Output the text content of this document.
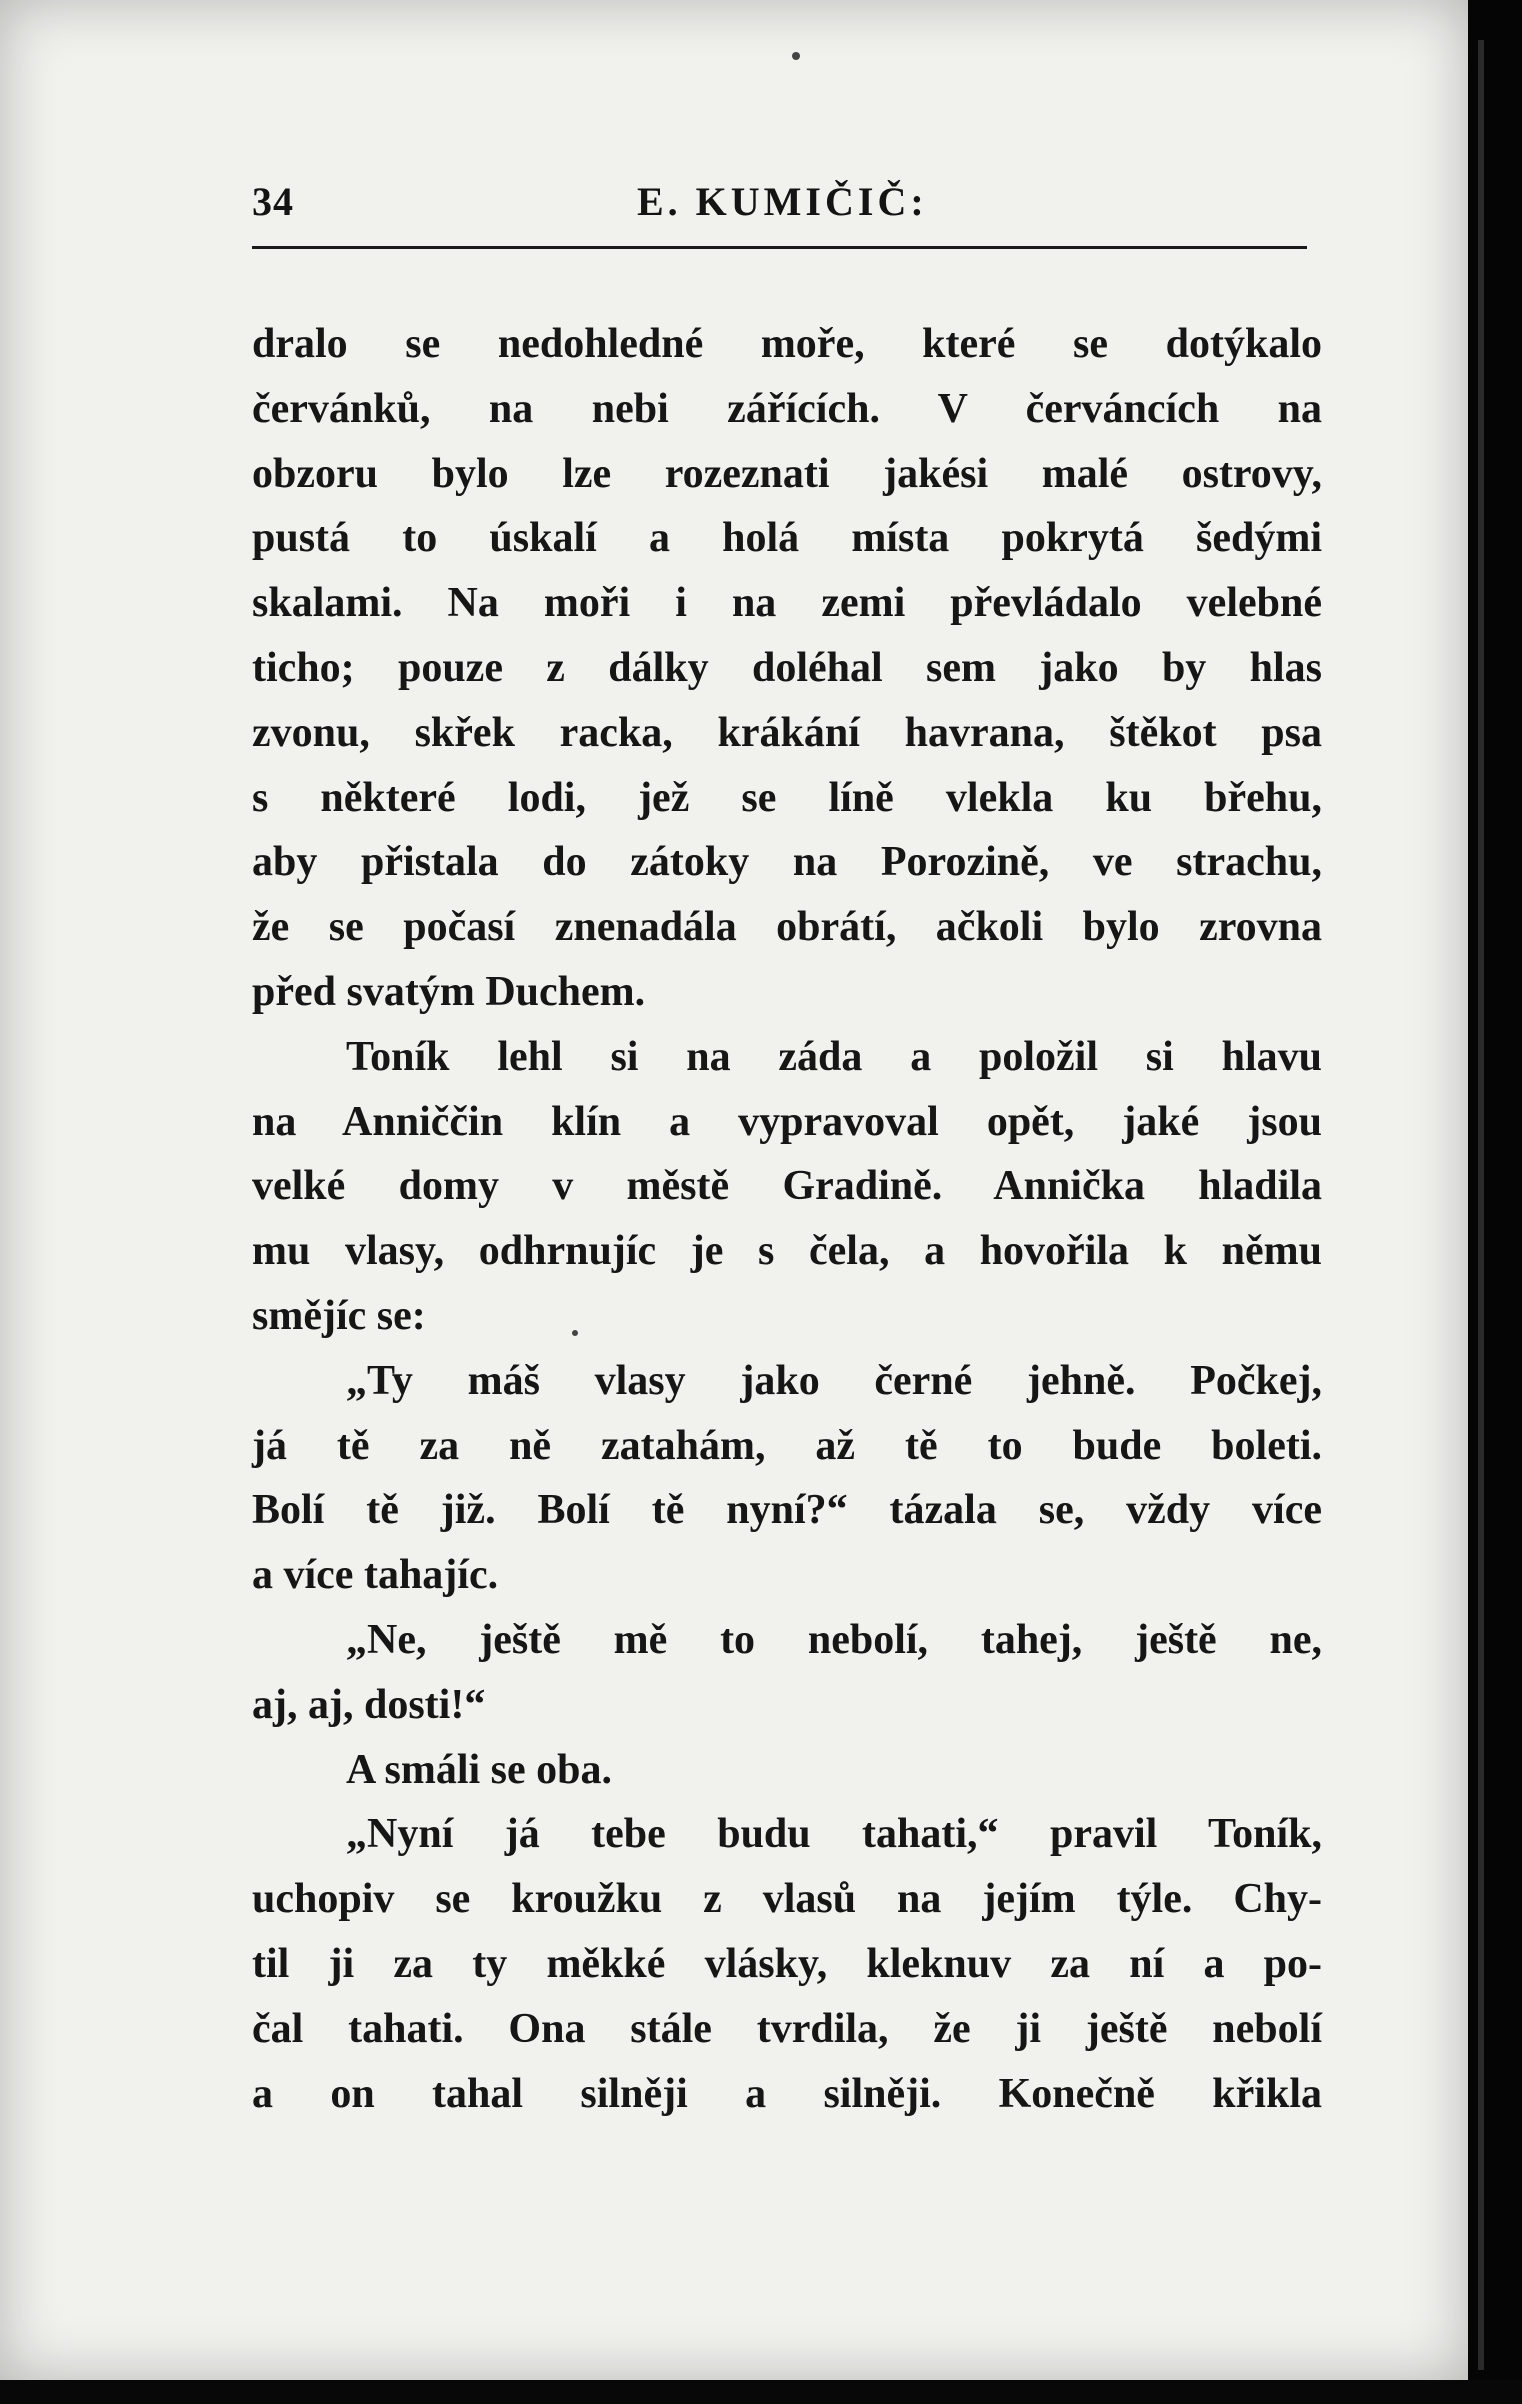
34	E. KUMIČIČ:
dralo se nedohledné moře, které se dotýkalo
červánků, na nebi zářících. V červáncích na
obzoru bylo lze rozeznati jakési malé ostrovy,
pustá to úskalí a holá místa pokrytá šedými
skalami. Na moři i na zemi převládalo velebné
ticho; pouze z dálky doléhal sem jako by hlas
zvonu, skřek racka, krákání havrana, štěkot psa
s některé lodi, jež se líně vlekla ku břehu,
aby přistala do zátoky na Porozině, ve strachu,
že se počasí znenadála obrátí, ačkoli bylo zrovna
před svatým Duchem.
Toník lehl si na záda a položil si hlavu
na Anniččin klín a vypravoval opět, jaké jsou
velké domy v městě Gradině. Annička hladila
mu vlasy, odhrnujíc je s čela, a hovořila k němu
smějíc se:
„Ty máš vlasy jako černé jehně. Počkej,
já tě za ně zatahám, až tě to bude boleti.
Bolí tě již. Bolí tě nyní?“ tázala se, vždy více
a více tahajíc.
„Ne, ještě mě to nebolí, tahej, ještě ne,
aj, aj, dosti!“
A smáli se oba.
„Nyní já tebe budu tahati,“ pravil Toník,
uchopiv se kroužku z vlasů na jejím týle. Chy-
til ji za ty měkké vlásky, kleknuv za ní a po-
čal tahati. Ona stále tvrdila, že ji ještě nebolí
a on tahal silněji a silněji. Konečně křikla
